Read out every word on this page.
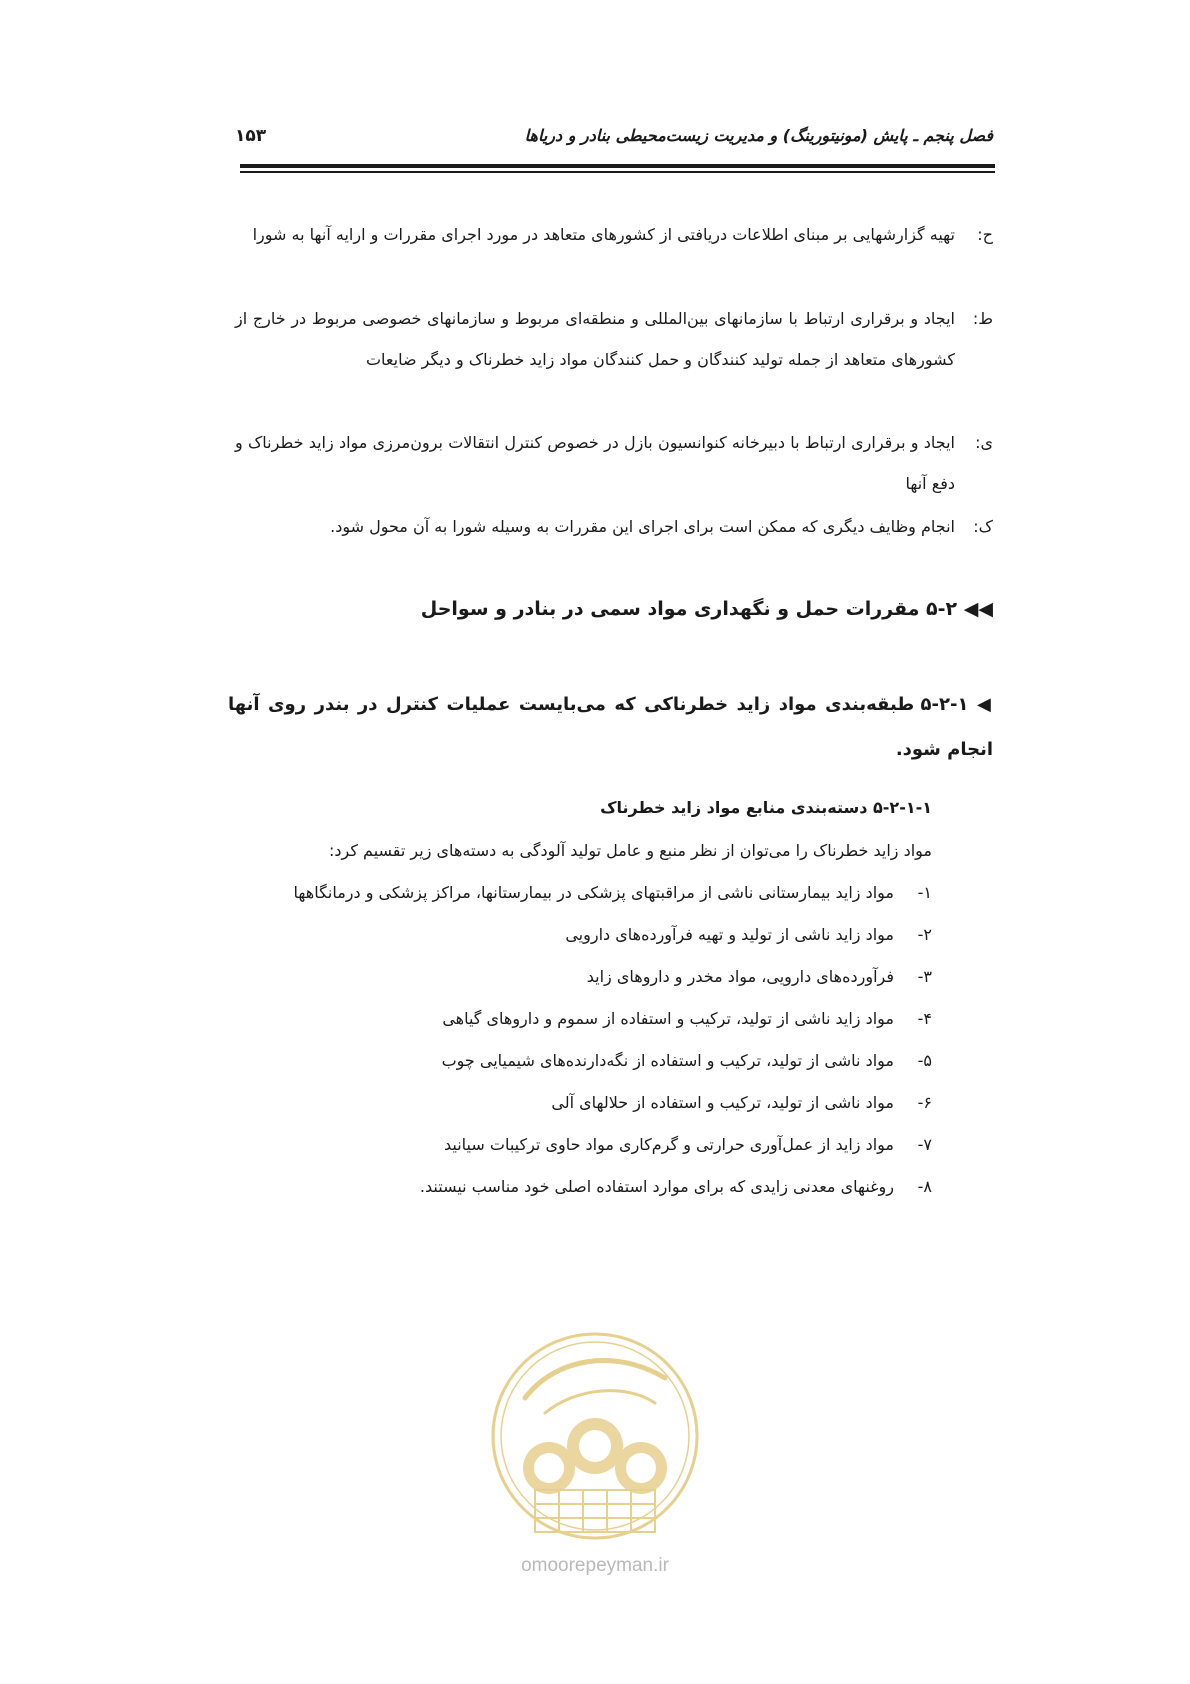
فصل پنجم ـ پایش (مونیتورینگ) و مدیریت زیست‌محیطی بنادر و دریاها
۱۵۳
ح:
تهیه گزارشهایی بر مبنای اطلاعات دریافتی از کشورهای متعاهد در مورد اجرای مقررات و ارایه آنها به شورا
ط:
ایجاد و برقراری ارتباط با سازمانهای بین‌المللی و منطقه‌ای مربوط و سازمانهای خصوصی مربوط در خارج از کشورهای متعاهد از جمله تولید کنندگان و حمل کنندگان مواد زاید خطرناک و دیگر ضایعات
ی:
ایجاد و برقراری ارتباط با دبیرخانه کنوانسیون بازل در خصوص کنترل انتقالات برون‌مرزی مواد زاید خطرناک و دفع آنها
ک:
انجام وظایف دیگری که ممکن است برای اجرای این مقررات به وسیله شورا به آن محول شود.
◀◀ ۵-۲ مقررات حمل و نگهداری مواد سمی در بنادر و سواحل
◀ ۵-۲-۱ طبقه‌بندی مواد زاید خطرناکی که می‌بایست عملیات کنترل در بندر روی آنها انجام شود.
۵-۲-۱-۱ دسته‌بندی منابع مواد زاید خطرناک
مواد زاید خطرناک را می‌توان از نظر منبع و عامل تولید آلودگی به دسته‌های زیر تقسیم کرد:
۱-
مواد زاید بیمارستانی ناشی از مراقبتهای پزشکی در بیمارستانها، مراکز پزشکی و درمانگاهها
۲-
مواد زاید ناشی از تولید و تهیه فرآورده‌های دارویی
۳-
فرآورده‌های دارویی، مواد مخدر و داروهای زاید
۴-
مواد زاید ناشی از تولید، ترکیب و استفاده از سموم و داروهای گیاهی
۵-
مواد ناشی از تولید، ترکیب و استفاده از نگه‌دارنده‌های شیمیایی چوب
۶-
مواد ناشی از تولید، ترکیب و استفاده از حلالهای آلی
۷-
مواد زاید از عمل‌آوری حرارتی و گرم‌کاری مواد حاوی ترکیبات سیانید
۸-
روغنهای معدنی زایدی که برای موارد استفاده اصلی خود مناسب نیستند.
omoorepeyman.ir
